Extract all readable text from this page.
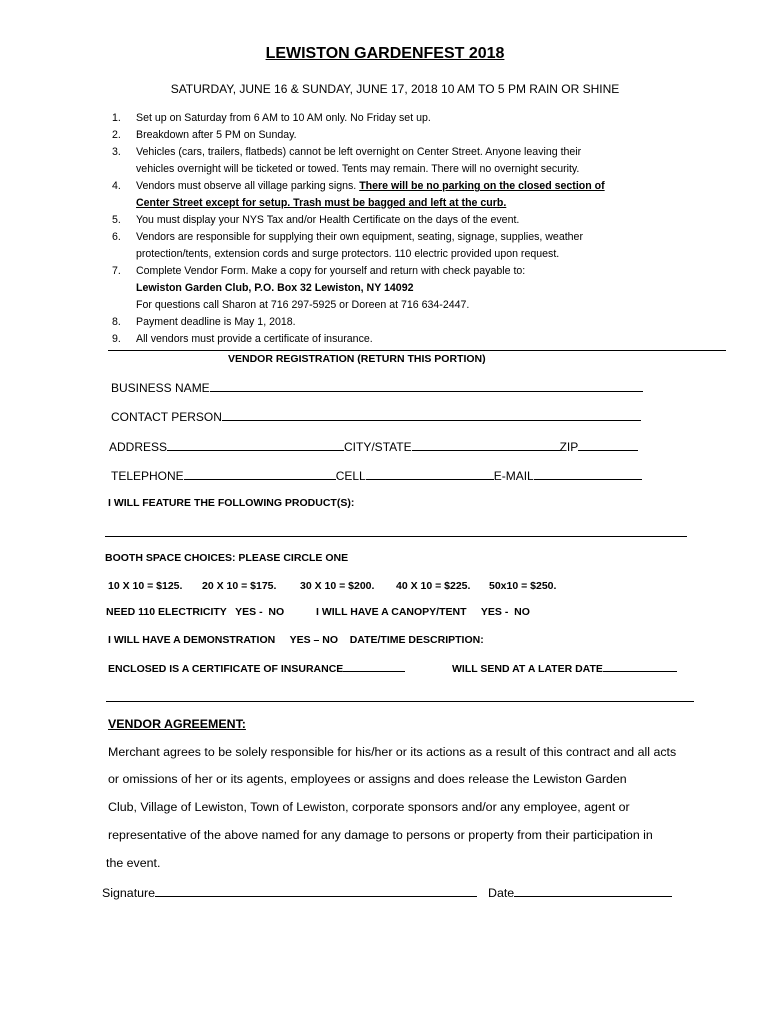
LEWISTON GARDENFEST 2018
SATURDAY, JUNE 16 & SUNDAY, JUNE 17, 2018 10 AM TO 5 PM RAIN OR SHINE
1.	Set up on Saturday from 6 AM to 10 AM only. No Friday set up.
2.	Breakdown after 5 PM on Sunday.
3.	Vehicles (cars, trailers, flatbeds) cannot be left overnight on Center Street. Anyone leaving their
vehicles overnight will be ticketed or towed. Tents may remain. There will no overnight security.
4.	Vendors must observe all village parking signs. There will be no parking on the closed section of
Center Street except for setup. Trash must be bagged and left at the curb.
5.	You must display your NYS Tax and/or Health Certificate on the days of the event.
6.	Vendors are responsible for supplying their own equipment, seating, signage, supplies, weather
protection/tents, extension cords and surge protectors. 110 electric provided upon request.
7.	Complete Vendor Form. Make a copy for yourself and return with check payable to:
Lewiston Garden Club, P.O. Box 32 Lewiston, NY 14092
For questions call Sharon at 716 297-5925 or Doreen at 716 634-2447.
8.	Payment deadline is May 1, 2018.
9.	All vendors must provide a certificate of insurance.
VENDOR REGISTRATION (RETURN THIS PORTION)
BUSINESS NAME
CONTACT PERSON
ADDRESS	CITY/STATE	ZIP
TELEPHONE	CELL	E-MAIL
I WILL FEATURE THE FOLLOWING PRODUCT(S):
BOOTH SPACE CHOICES: PLEASE CIRCLE ONE
10 X 10 = $125. 20 X 10 = $175. 30 X 10 = $200. 40 X 10 = $225. 50x10 = $250.
NEED 110 ELECTRICITY   YES -  NO	I WILL HAVE A CANOPY/TENT     YES -  NO
I WILL HAVE A DEMONSTRATION     YES – NO    DATE/TIME DESCRIPTION:
ENCLOSED IS A CERTIFICATE OF INSURANCE	WILL SEND AT A LATER DATE
VENDOR AGREEMENT:
Merchant agrees to be solely responsible for his/her or its actions as a result of this contract and all acts
or omissions of her or its agents, employees or assigns and does release the Lewiston Garden
Club, Village of Lewiston, Town of Lewiston, corporate sponsors and/or any employee, agent or
representative of the above named for any damage to persons or property from their participation in
the event.
Signature	Date
